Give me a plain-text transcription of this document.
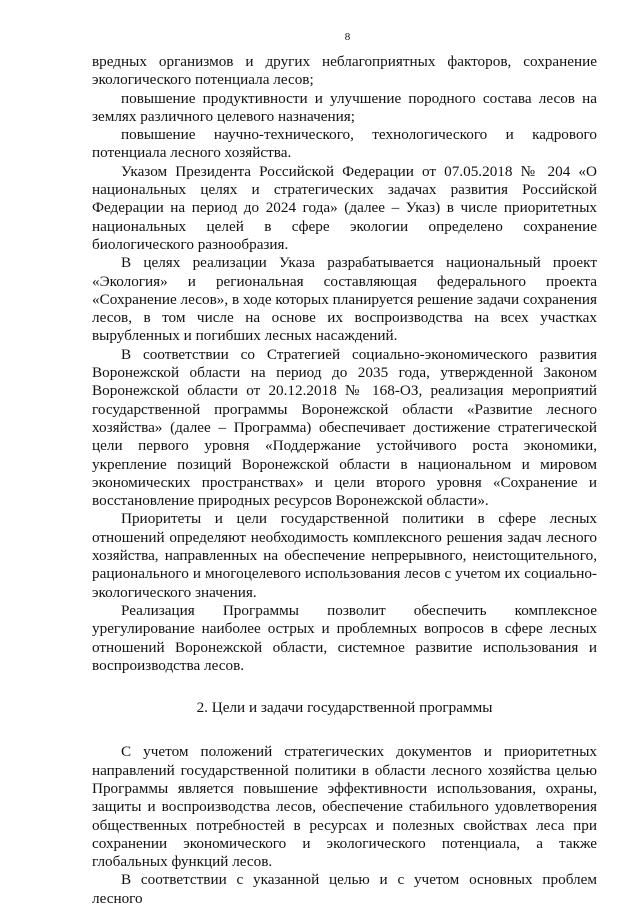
8

вредных организмов и других неблагоприятных факторов, сохранение экологического потенциала лесов;

повышение продуктивности и улучшение породного состава лесов на землях различного целевого назначения;

повышение научно-технического, технологического и кадрового потенциала лесного хозяйства.

Указом Президента Российской Федерации от 07.05.2018 № 204 «О национальных целях и стратегических задачах развития Российской Федерации на период до 2024 года» (далее – Указ) в числе приоритетных национальных целей в сфере экологии определено сохранение биологического разнообразия.

В целях реализации Указа разрабатывается национальный проект «Экология» и региональная составляющая федерального проекта «Сохранение лесов», в ходе которых планируется решение задачи сохранения лесов, в том числе на основе их воспроизводства на всех участках вырубленных и погибших лесных насаждений.

В соответствии со Стратегией социально-экономического развития Воронежской области на период до 2035 года, утвержденной Законом Воронежской области от 20.12.2018 № 168-ОЗ, реализация мероприятий государственной программы Воронежской области «Развитие лесного хозяйства» (далее – Программа) обеспечивает достижение стратегической цели первого уровня «Поддержание устойчивого роста экономики, укрепление позиций Воронежской области в национальном и мировом экономических пространствах» и цели второго уровня «Сохранение и восстановление природных ресурсов Воронежской области».

Приоритеты и цели государственной политики в сфере лесных отношений определяют необходимость комплексного решения задач лесного хозяйства, направленных на обеспечение непрерывного, неистощительного, рационального и многоцелевого использования лесов с учетом их социально-экологического значения.

Реализация Программы позволит обеспечить комплексное урегулирование наиболее острых и проблемных вопросов в сфере лесных отношений Воронежской области, системное развитие использования и воспроизводства лесов.

2. Цели и задачи государственной программы

С учетом положений стратегических документов и приоритетных направлений государственной политики в области лесного хозяйства целью Программы является повышение эффективности использования, охраны, защиты и воспроизводства лесов, обеспечение стабильного удовлетворения общественных потребностей в ресурсах и полезных свойствах леса при сохранении экономического и экологического потенциала, а также глобальных функций лесов.

В соответствии с указанной целью и с учетом основных проблем лесного
